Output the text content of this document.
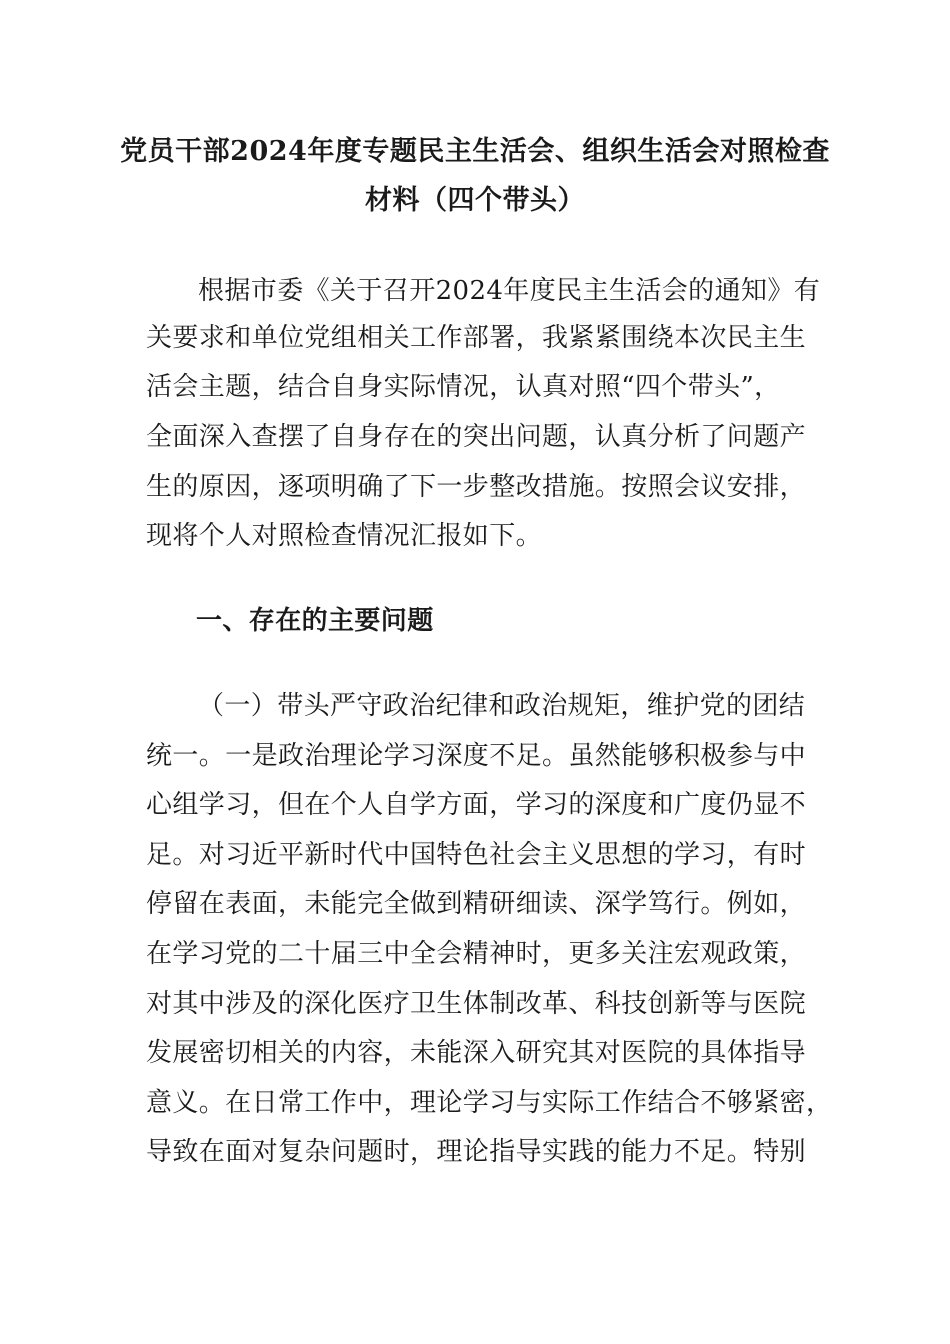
党员干部2024年度专题民主生活会、组织生活会对照检查
材料（四个带头）
根据市委《关于召开2024年度民主生活会的通知》有
关要求和单位党组相关工作部署，我紧紧围绕本次民主生
活会主题，结合自身实际情况，认真对照“四个带头”，
全面深入查摆了自身存在的突出问题，认真分析了问题产
生的原因，逐项明确了下一步整改措施。按照会议安排，
现将个人对照检查情况汇报如下。
一、存在的主要问题
（一）带头严守政治纪律和政治规矩，维护党的团结
统一。一是政治理论学习深度不足。虽然能够积极参与中
心组学习，但在个人自学方面，学习的深度和广度仍显不
足。对习近平新时代中国特色社会主义思想的学习，有时
停留在表面，未能完全做到精研细读、深学笃行。例如，
在学习党的二十届三中全会精神时，更多关注宏观政策，
对其中涉及的深化医疗卫生体制改革、科技创新等与医院
发展密切相关的内容，未能深入研究其对医院的具体指导
意义。在日常工作中，理论学习与实际工作结合不够紧密，
导致在面对复杂问题时，理论指导实践的能力不足。特别
